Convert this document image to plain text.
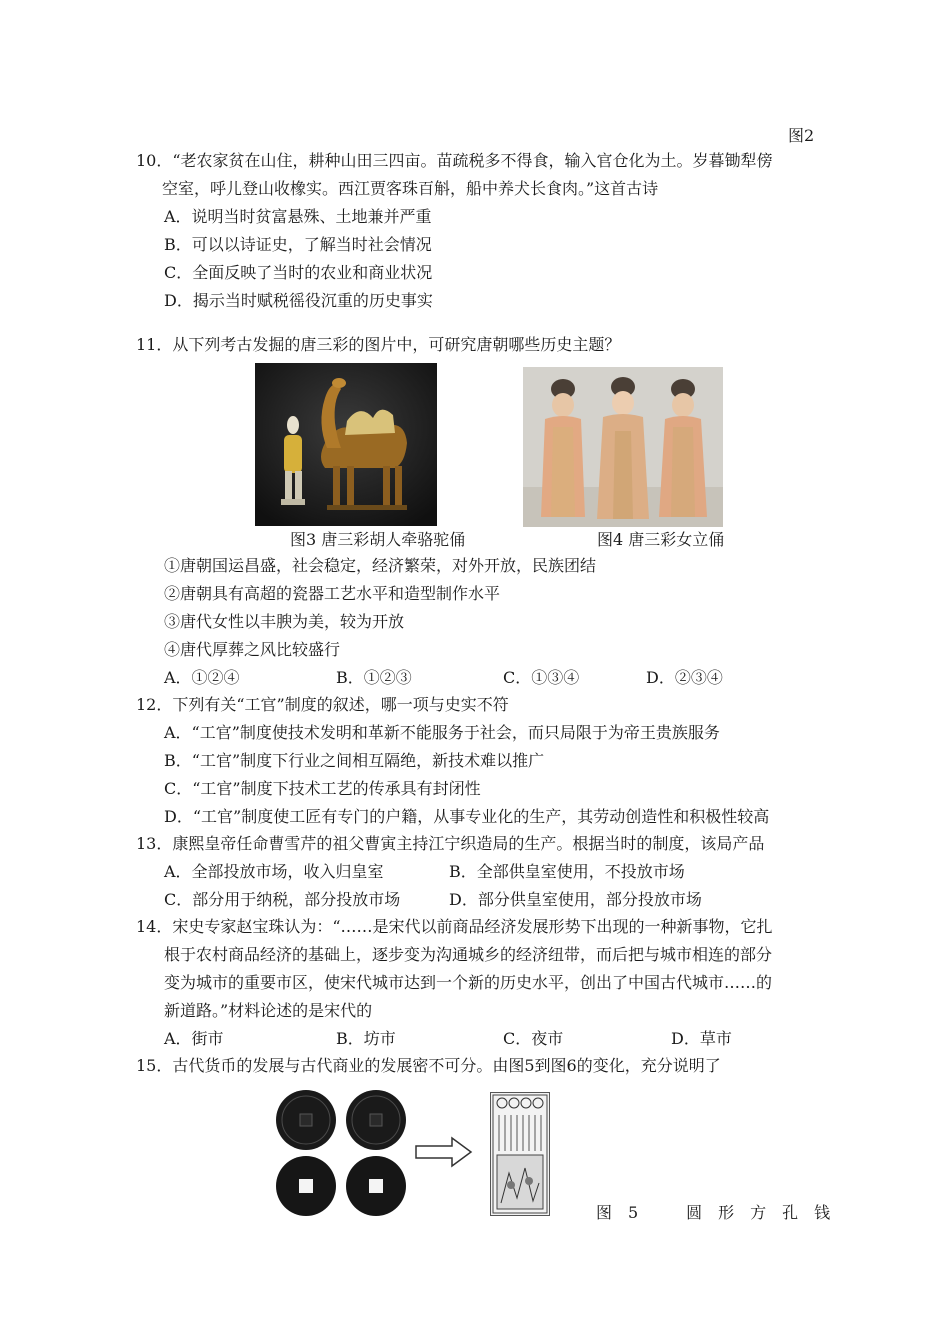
图2
10．“老农家贫在山住，耕种山田三四亩。苗疏税多不得食，输入官仓化为土。岁暮锄犁傍
空室，呼儿登山收橡实。西江贾客珠百斛，船中养犬长食肉。”这首古诗
A．说明当时贫富悬殊、土地兼并严重
B．可以以诗证史，了解当时社会情况
C．全面反映了当时的农业和商业状况
D．揭示当时赋税徭役沉重的历史事实
11．从下列考古发掘的唐三彩的图片中，可研究唐朝哪些历史主题？
图3 唐三彩胡人牵骆驼俑	图4 唐三彩女立俑
①唐朝国运昌盛，社会稳定，经济繁荣，对外开放，民族团结
②唐朝具有高超的瓷器工艺水平和造型制作水平
③唐代女性以丰腴为美，较为开放
④唐代厚葬之风比较盛行
A．①②④	B．①②③	C．①③④	D．②③④
12．下列有关“工官”制度的叙述，哪一项与史实不符
A．“工官”制度使技术发明和革新不能服务于社会，而只局限于为帝王贵族服务
B．“工官”制度下行业之间相互隔绝，新技术难以推广
C．“工官”制度下技术工艺的传承具有封闭性
D．“工官”制度使工匠有专门的户籍，从事专业化的生产，其劳动创造性和积极性较高
13．康熙皇帝任命曹雪芹的祖父曹寅主持江宁织造局的生产。根据当时的制度，该局产品
A．全部投放市场，收入归皇室	B．全部供皇室使用，不投放市场
C．部分用于纳税，部分投放市场	D．部分供皇室使用，部分投放市场
14．宋史专家赵宝珠认为：“……是宋代以前商品经济发展形势下出现的一种新事物，它扎
根于农村商品经济的基础上，逐步变为沟通城乡的经济纽带，而后把与城市相连的部分
变为城市的重要市区，使宋代城市达到一个新的历史水平，创出了中国古代城市……的
新道路。”材料论述的是宋代的
A．街市	B．坊市	C．夜市	D．草市
15．古代货币的发展与古代商业的发展密不可分。由图5到图6的变化，充分说明了
图　5　　　圆　形　方　孔　钱
